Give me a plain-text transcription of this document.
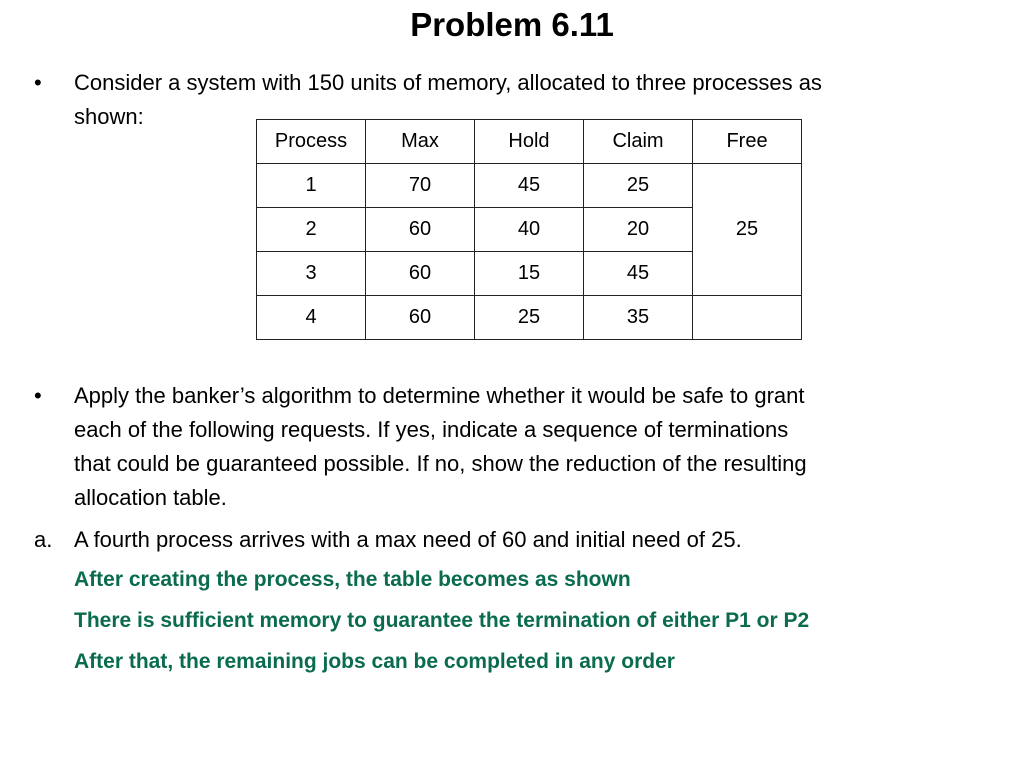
Problem 6.11
• Consider a system with 150 units of memory, allocated to three processes as
shown:
Process	Max	Hold	Claim	Free
1	70	45	25	25
2	60	40	20	
3	60	15	45	
4	60	25	35	
• Apply the banker’s algorithm to determine whether it would be safe to grant
each of the following requests. If yes, indicate a sequence of terminations
that could be guaranteed possible. If no, show the reduction of the resulting
allocation table.
a. A fourth process arrives with a max need of 60 and initial need of 25.
After creating the process, the table becomes as shown
There is sufficient memory to guarantee the termination of either P1 or P2
After that, the remaining jobs can be completed in any order
